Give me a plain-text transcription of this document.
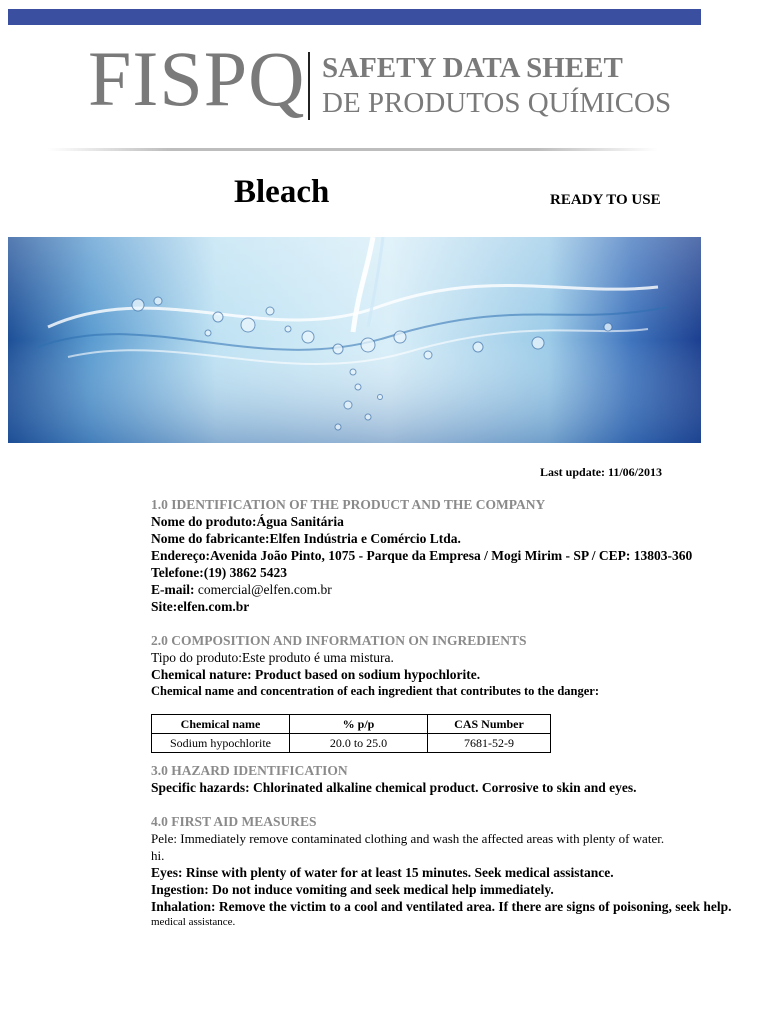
FISPQ SAFETY DATA SHEET
DE PRODUTOS QUÍMICOS
Bleach	READY TO USE
Last update: 11/06/2013
1.0 IDENTIFICATION OF THE PRODUCT AND THE COMPANY
Nome do produto:Água Sanitária
Nome do fabricante:Elfen Indústria e Comércio Ltda.
Endereço:Avenida João Pinto, 1075 - Parque da Empresa / Mogi Mirim - SP / CEP: 13803-360
Telefone:(19) 3862 5423
E-mail: comercial@elfen.com.br
Site:elfen.com.br
2.0 COMPOSITION AND INFORMATION ON INGREDIENTS
Tipo do produto:Este produto é uma mistura.
Chemical nature: Product based on sodium hypochlorite.
Chemical name and concentration of each ingredient that contributes to the danger:
Chemical name	% p/p	CAS Number
Sodium hypochlorite	20.0 to 25.0	7681-52-9
3.0 HAZARD IDENTIFICATION
Specific hazards: Chlorinated alkaline chemical product. Corrosive to skin and eyes.
4.0 FIRST AID MEASURES
Pele: Immediately remove contaminated clothing and wash the affected areas with plenty of water.
hi.
Eyes: Rinse with plenty of water for at least 15 minutes. Seek medical assistance.
Ingestion: Do not induce vomiting and seek medical help immediately.
Inhalation: Remove the victim to a cool and ventilated area. If there are signs of poisoning, seek help.
medical assistance.
